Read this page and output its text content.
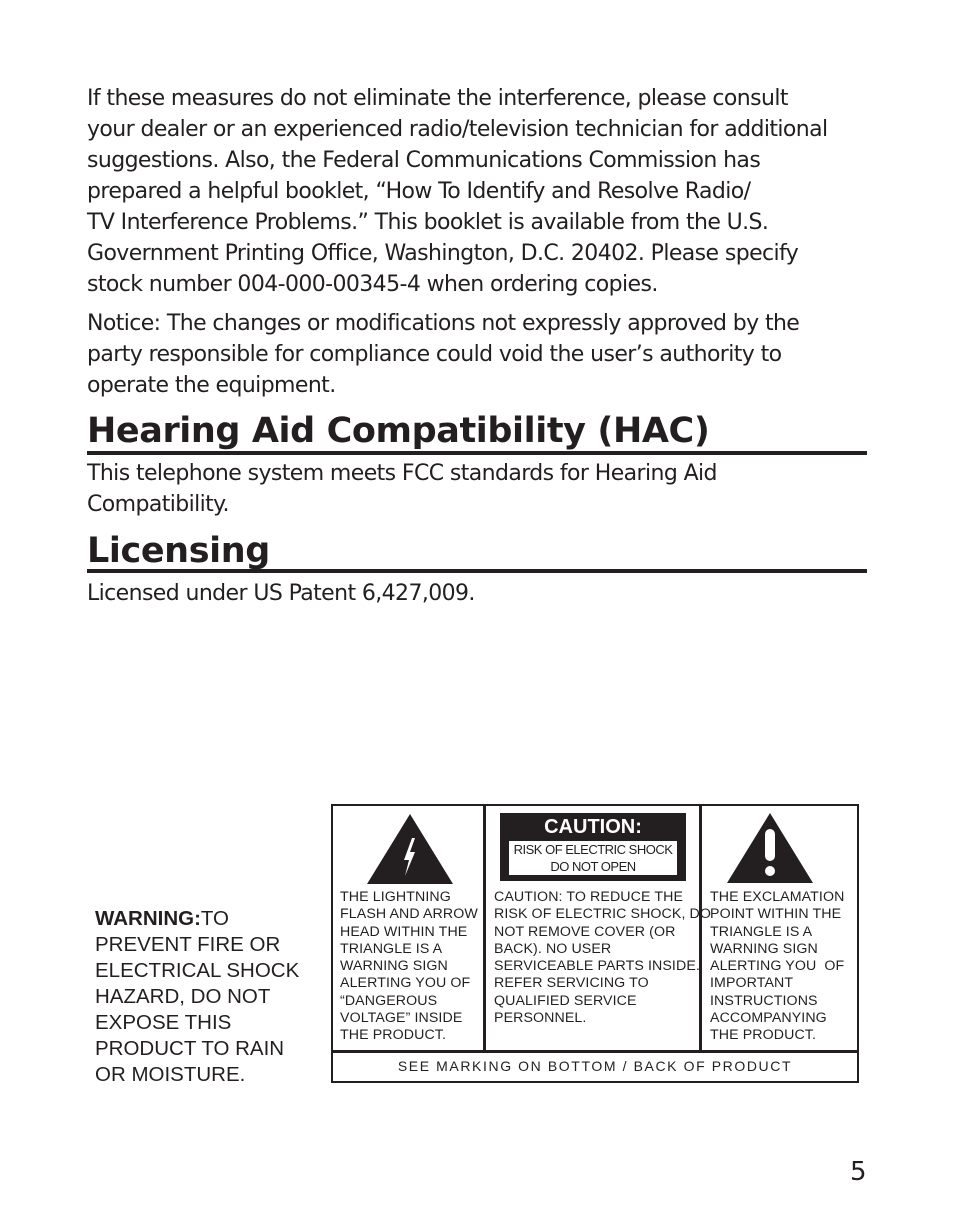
If these measures do not eliminate the interference, please consult
your dealer or an experienced radio/television technician for additional
suggestions. Also, the Federal Communications Commission has
prepared a helpful booklet, “How To Identify and Resolve Radio/
TV Interference Problems.” This booklet is available from the U.S.
Government Printing Office, Washington, D.C. 20402. Please specify
stock number 004-000-00345-4 when ordering copies.
Notice: The changes or modifications not expressly approved by the
party responsible for compliance could void the user’s authority to
operate the equipment.
Hearing Aid Compatibility (HAC)
This telephone system meets FCC standards for Hearing Aid
Compatibility.
Licensing
Licensed under US Patent 6,427,009.
WARNING:TO
PREVENT FIRE OR
ELECTRICAL SHOCK
HAZARD, DO NOT
EXPOSE THIS
PRODUCT TO RAIN
OR MOISTURE.
THE LIGHTNING
FLASH AND ARROW
HEAD WITHIN THE
TRIANGLE IS A
WARNING SIGN
ALERTING YOU OF
“DANGEROUS
VOLTAGE” INSIDE
THE PRODUCT.
CAUTION:
RISK OF ELECTRIC SHOCK
DO NOT OPEN
CAUTION: TO REDUCE THE
RISK OF ELECTRIC SHOCK, DO
NOT REMOVE COVER (OR
BACK). NO USER
SERVICEABLE PARTS INSIDE.
REFER SERVICING TO
QUALIFIED SERVICE
PERSONNEL.
THE EXCLAMATION
POINT WITHIN THE
TRIANGLE IS A
WARNING SIGN
ALERTING YOU  OF
IMPORTANT
INSTRUCTIONS
ACCOMPANYING
THE PRODUCT.
SEE MARKING ON BOTTOM / BACK OF PRODUCT
5
